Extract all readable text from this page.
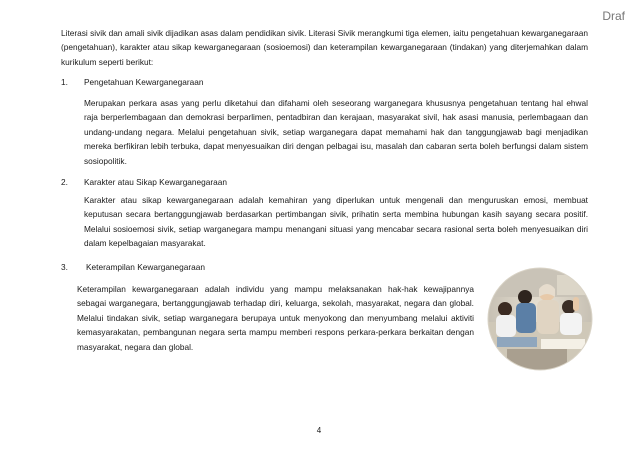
Draf
Literasi sivik dan amali sivik dijadikan asas dalam pendidikan sivik. Literasi Sivik merangkumi tiga elemen, iaitu pengetahuan kewarganegaraan (pengetahuan), karakter atau sikap kewarganegaraan (sosioemosi) dan keterampilan kewarganegaraan (tindakan) yang diterjemahkan dalam kurikulum seperti berikut:
1. Pengetahuan Kewarganegaraan
Merupakan perkara asas yang perlu diketahui dan difahami oleh seseorang warganegara khususnya pengetahuan tentang hal ehwal raja berperlembagaan dan demokrasi berparlimen, pentadbiran dan kerajaan, masyarakat sivil, hak asasi manusia, perlembagaan dan undang-undang negara. Melalui pengetahuan sivik, setiap warganegara dapat memahami hak dan tanggungjawab bagi menjadikan mereka berfikiran lebih terbuka, dapat menyesuaikan diri dengan pelbagai isu, masalah dan cabaran serta boleh berfungsi dalam sistem sosiopolitik.
2. Karakter atau Sikap Kewarganegaraan
Karakter atau sikap kewarganegaraan adalah kemahiran yang diperlukan untuk mengenali dan menguruskan emosi, membuat keputusan secara bertanggungjawab berdasarkan pertimbangan sivik, prihatin serta membina hubungan kasih sayang secara positif. Melalui sosioemosi sivik, setiap warganegara mampu menangani situasi yang mencabar secara rasional serta boleh menyesuaikan diri dalam kepelbagaian masyarakat.
3. Keterampilan Kewarganegaraan
Keterampilan kewarganegaraan adalah individu yang mampu melaksanakan hak-hak kewajipannya sebagai warganegara, bertanggungjawab terhadap diri, keluarga, sekolah, masyarakat, negara dan global. Melalui tindakan sivik, setiap warganegara berupaya untuk menyokong dan menyumbang melalui aktiviti kemasyarakatan, pembangunan negara serta mampu memberi respons perkara-perkara berkaitan dengan masyarakat, negara dan global.
4
